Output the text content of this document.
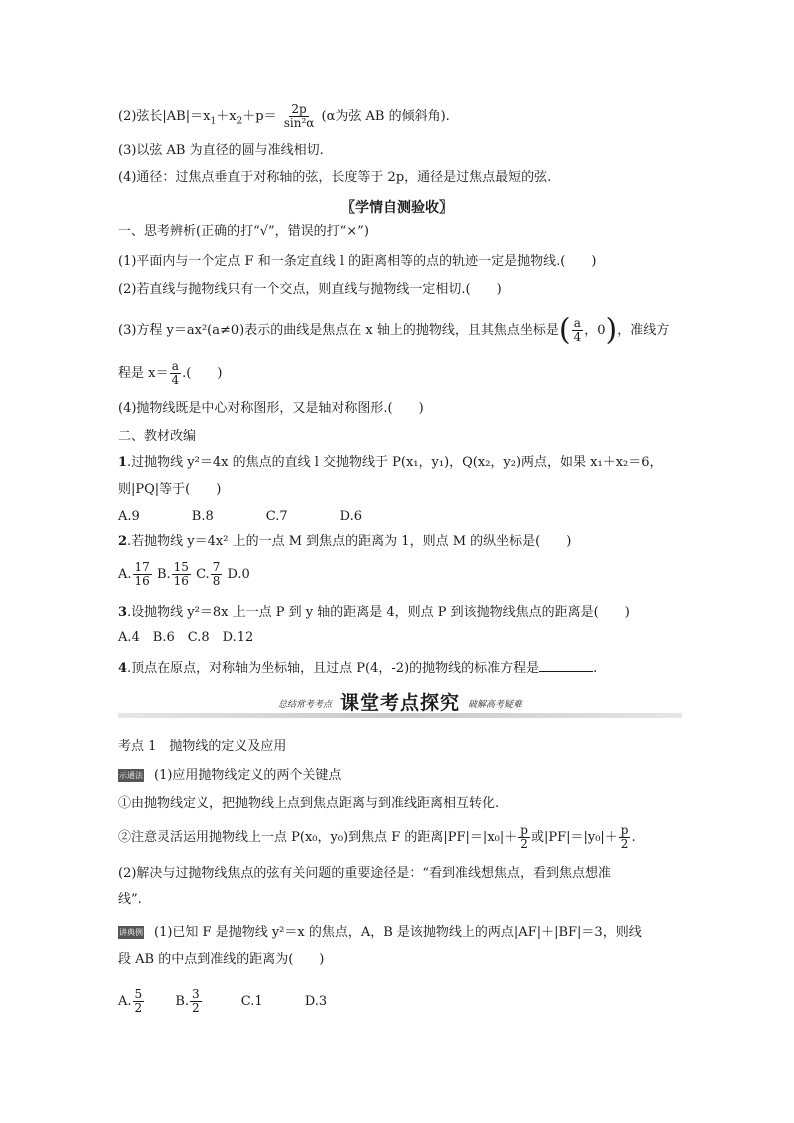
(2)弦长$|AB|=x_1+x_2+p= \frac{2p}{\text{sin²α}} (\alpha$为弦 AB 的倾斜角).
(3)以弦 AB 为直径的圆与准线相切.
(4)通径：过焦点垂直于对称轴的弦，长度等于 2p，通径是过焦点最短的弦.
〖学情自测验收〗
一、思考辨析(正确的打“√”，错误的打“×”)
(1)平面内与一个定点 F 和一条定直线 l 的距离相等的点的轨迹一定是抛物线.(　　)
(2)若直线与抛物线只有一个交点，则直线与抛物线一定相切.(　　)
(3)方程 y＝ax²(a≠0)表示的曲线是焦点在 x 轴上的抛物线，且其焦点坐标是( $\frac{a}{4}$ ，0)，准线方
程是 $x= \frac{a}{4}$ .(　　)
(4)抛物线既是中心对称图形，又是轴对称图形.(　　)
二、教材改编
1.过抛物线 y²＝4x 的焦点的直线 l 交抛物线于 P(x₁，y₁)，Q(x₂，y₂)两点，如果 x₁＋x₂＝6，
则|PQ|等于(　　)
A.9　　　　B.8　　　　C.7　　　　D.6
2.若抛物线 y＝4x² 上的一点 M 到焦点的距离为 1，则点 M 的纵坐标是(　　)
A. $\frac{17}{16} B$. $\frac{15}{16} C$. $\frac{7}{8} D.0$
3.设抛物线 y²＝8x 上一点 P 到 y 轴的距离是 4，则点 P 到该抛物线焦点的距离是(　　)
A.4　B.6　C.8　D.12
4.顶点在原点，对称轴为坐标轴，且过点 P(4，-2)的抛物线的标准方程是	.
总结常考考点 课堂考点探究 破解高考疑难
考点 1　抛物线的定义及应用
示通法 (1)应用抛物线定义的两个关键点
①由抛物线定义，把抛物线上点到焦点距离与到准线距离相互转化.
②注意灵活运用抛物线上一点 P(x₀，y₀)到焦点 F 的距离$|PF|=|x_0|+ \frac{p}{2}$ 或$|PF|=|y_0|+ \frac{p}{2}$ .
(2)解决与过抛物线焦点的弦有关问题的重要途径是：“看到准线想焦点，看到焦点想准
线”.
讲典例 (1)已知 F 是抛物线 y²＝x 的焦点，A，B 是该抛物线上的两点|AF|＋|BF|＝3，则线
段 AB 的中点到准线的距离为(　　)
A. $\frac{5}{2} B$. $\frac{3}{2}$	C.1	D.3
